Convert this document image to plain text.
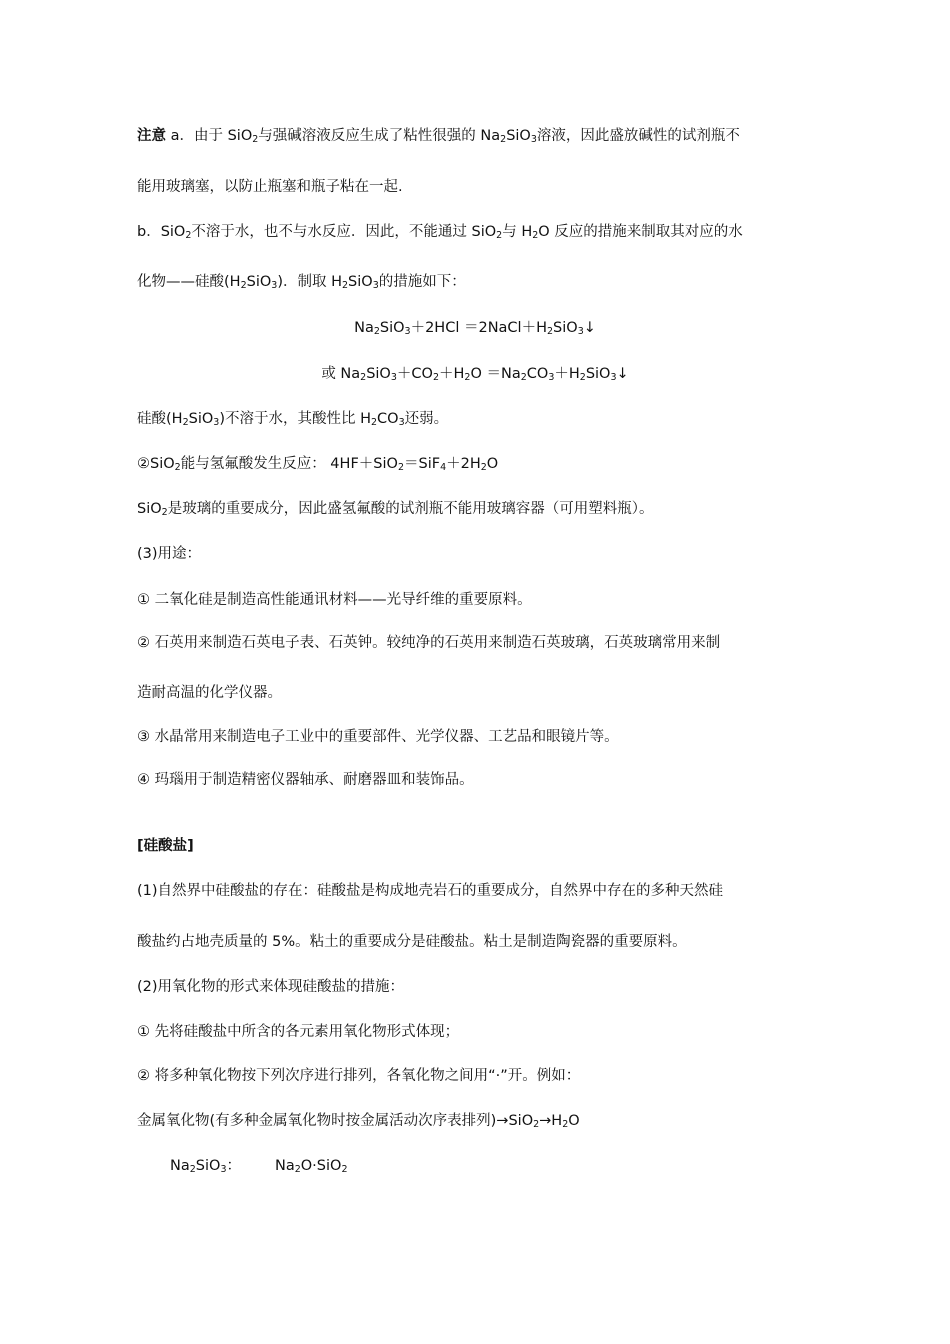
注意 a．由于 SiO$_2$与强碱溶液反应生成了粘性很强的 $Na_2SiO_3$溶液，因此盛放碱性的试剂瓶不
能用玻璃塞，以防止瓶塞和瓶子粘在一起.
b．SiO$_2$不溶于水，也不与水反应．因此，不能通过 SiO$_2$与 $H_2O$ 反应的措施来制取其对应的水
化物——硅酸$(H_2SiO_3)$．制取 $H_2SiO_3$的措施如下：
$Na_2SiO_3+2HCl$ $=2NaCl+H_2SiO_3↓$
或 $Na_2SiO_3+CO_2+H_2O$ $=Na_2CO_3+H_2SiO_3↓$
硅酸$(H_2SiO_3)$不溶于水，其酸性比 $H_2CO_3$还弱。
②SiO$_2$能与氢氟酸发生反应： $4HF+SiO_2=SiF_4+2H_2O$
SiO$_2$是玻璃的重要成分，因此盛氢氟酸的试剂瓶不能用玻璃容器（可用塑料瓶）。
(3)用途：
① 二氧化硅是制造高性能通讯材料——光导纤维的重要原料。
② 石英用来制造石英电子表、石英钟。较纯净的石英用来制造石英玻璃，石英玻璃常用来制
造耐高温的化学仪器。
③ 水晶常用来制造电子工业中的重要部件、光学仪器、工艺品和眼镜片等。
④ 玛瑙用于制造精密仪器轴承、耐磨器皿和装饰品。
[硅酸盐]
(1)自然界中硅酸盐的存在：硅酸盐是构成地壳岩石的重要成分，自然界中存在的多种天然硅
酸盐约占地壳质量的 5%。粘土的重要成分是硅酸盐。粘土是制造陶瓷器的重要原料。
(2)用氧化物的形式来体现硅酸盐的措施：
① 先将硅酸盐中所含的各元素用氧化物形式体现；
② 将多种氧化物按下列次序进行排列，各氧化物之间用“·”开。例如：
金属氧化物(有多种金属氧化物时按金属活动次序表排列)$\to SiO_2\to H_2O$
$Na_2SiO_3$： $Na_2O\cdot SiO_2$
